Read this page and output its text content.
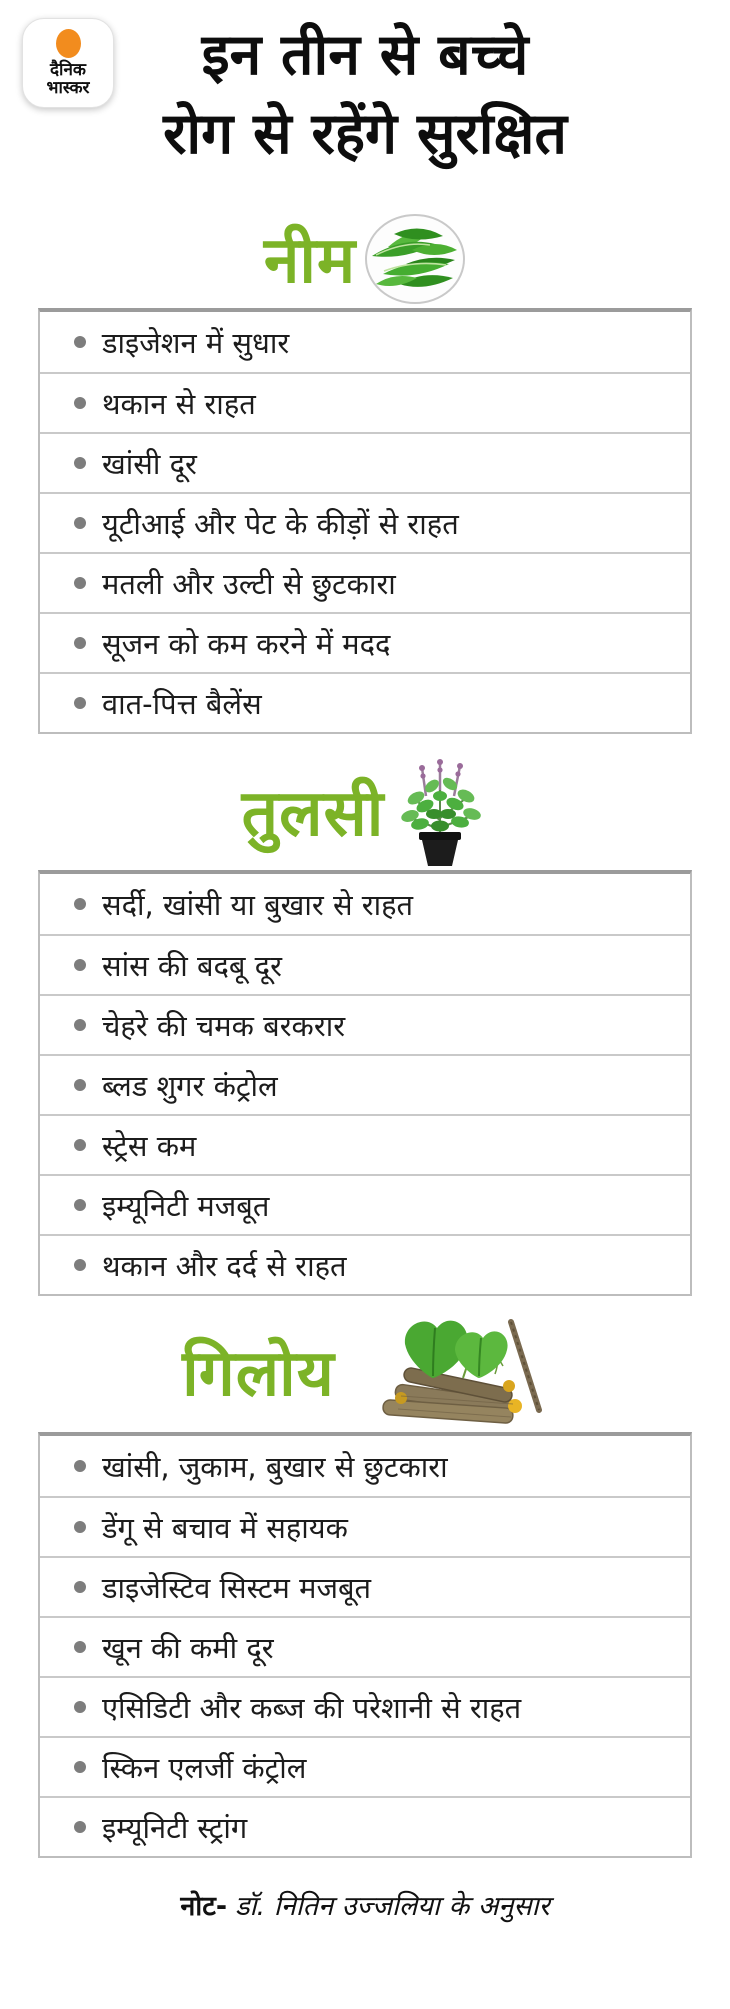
दैनिक
भास्कर	इन तीन से बच्चे
रोग से रहेंगे सुरक्षित
नीम
डाइजेशन में सुधार
थकान से राहत
खांसी दूर
यूटीआई और पेट के कीड़ों से राहत
मतली और उल्टी से छुटकारा
सूजन को कम करने में मदद
वात-पित्त बैलेंस
तुलसी
सर्दी, खांसी या बुखार से राहत
सांस की बदबू दूर
चेहरे की चमक बरकरार
ब्लड शुगर कंट्रोल
स्ट्रेस कम
इम्यूनिटी मजबूत
थकान और दर्द से राहत
गिलोय
खांसी, जुकाम, बुखार से छुटकारा
डेंगू से बचाव में सहायक
डाइजेस्टिव सिस्टम मजबूत
खून की कमी दूर
एसिडिटी और कब्ज की परेशानी से राहत
स्किन एलर्जी कंट्रोल
इम्यूनिटी स्ट्रांग
नोट- डॉ. नितिन उज्जलिया के अनुसार
